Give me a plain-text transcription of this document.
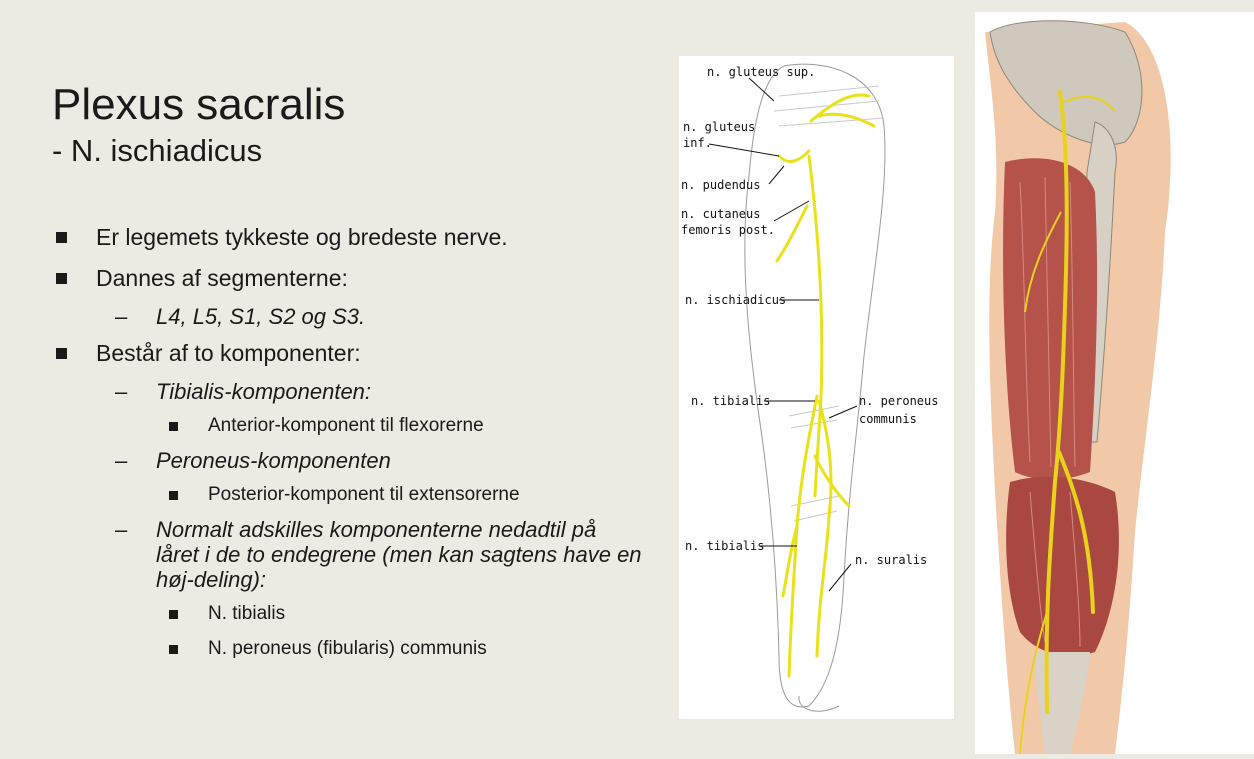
Plexus sacralis

- N. ischiadicus

Er legemets tykkeste og bredeste nerve.
Dannes af segmenterne:
– L4, L5, S1, S2 og S3.
Består af to komponenter:
– Tibialis-komponenten:
Anterior-komponent til flexorerne
– Peroneus-komponenten
Posterior-komponent til extensorerne
– Normalt adskilles komponenterne nedadtil på låret i de to endegrene (men kan sagtens have en høj-deling):
N. tibialis
N. peroneus (fibularis) communis
n. gluteus sup.
n. gluteus
inf.
n. pudendus
n. cutaneus
femoris post.
n. ischiadicus
n. tibialis	n. peroneus
communis
n. tibialis
n. suralis
